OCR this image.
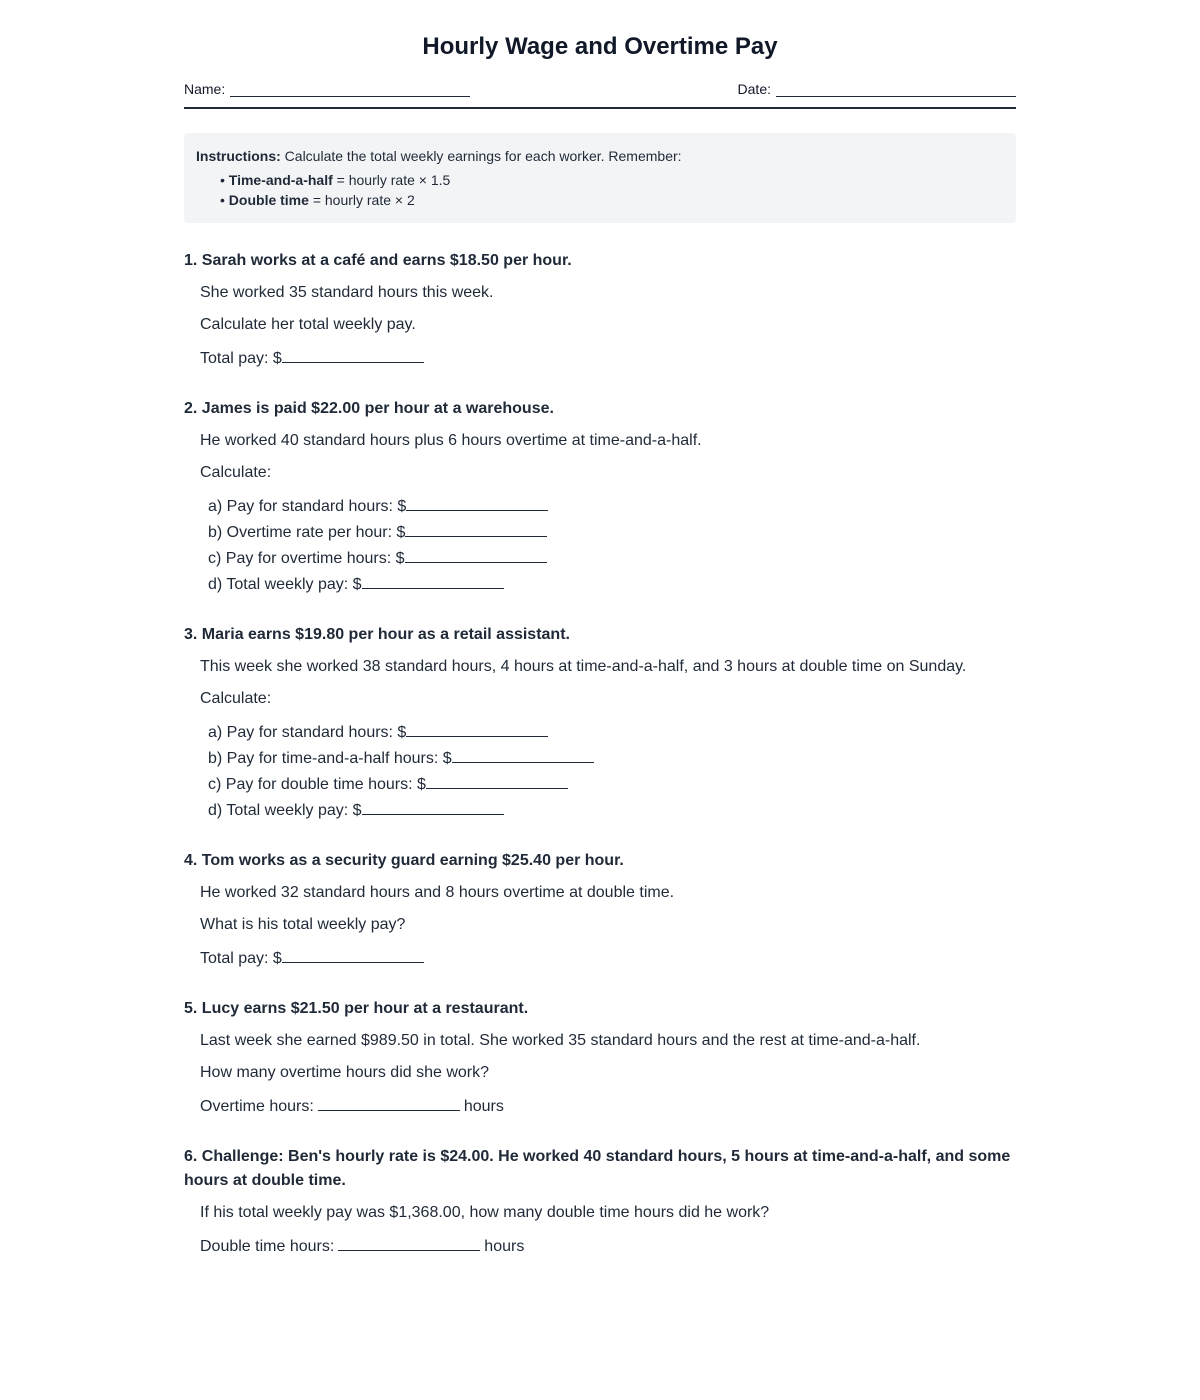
Hourly Wage and Overtime Pay
Name:	Date:
Instructions: Calculate the total weekly earnings for each worker. Remember:
• Time-and-a-half = hourly rate × 1.5
• Double time = hourly rate × 2

1. Sarah works at a café and earns $18.50 per hour.

She worked 35 standard hours this week.
Calculate her total weekly pay.
Total pay: $

2. James is paid $22.00 per hour at a warehouse.

He worked 40 standard hours plus 6 hours overtime at time-and-a-half.
Calculate:
a) Pay for standard hours: $
b) Overtime rate per hour: $
c) Pay for overtime hours: $
d) Total weekly pay: $

3. Maria earns $19.80 per hour as a retail assistant.

This week she worked 38 standard hours, 4 hours at time-and-a-half, and 3 hours at double time on Sunday.
Calculate:
a) Pay for standard hours: $
b) Pay for time-and-a-half hours: $
c) Pay for double time hours: $
d) Total weekly pay: $

4. Tom works as a security guard earning $25.40 per hour.

He worked 32 standard hours and 8 hours overtime at double time.
What is his total weekly pay?
Total pay: $

5. Lucy earns $21.50 per hour at a restaurant.

Last week she earned $989.50 in total. She worked 35 standard hours and the rest at time-and-a-half.
How many overtime hours did she work?
Overtime hours:	hours

6. Challenge: Ben's hourly rate is $24.00. He worked 40 standard hours, 5 hours at time-and-a-half, and some hours at double time.

If his total weekly pay was $1,368.00, how many double time hours did he work?
Double time hours:	hours
